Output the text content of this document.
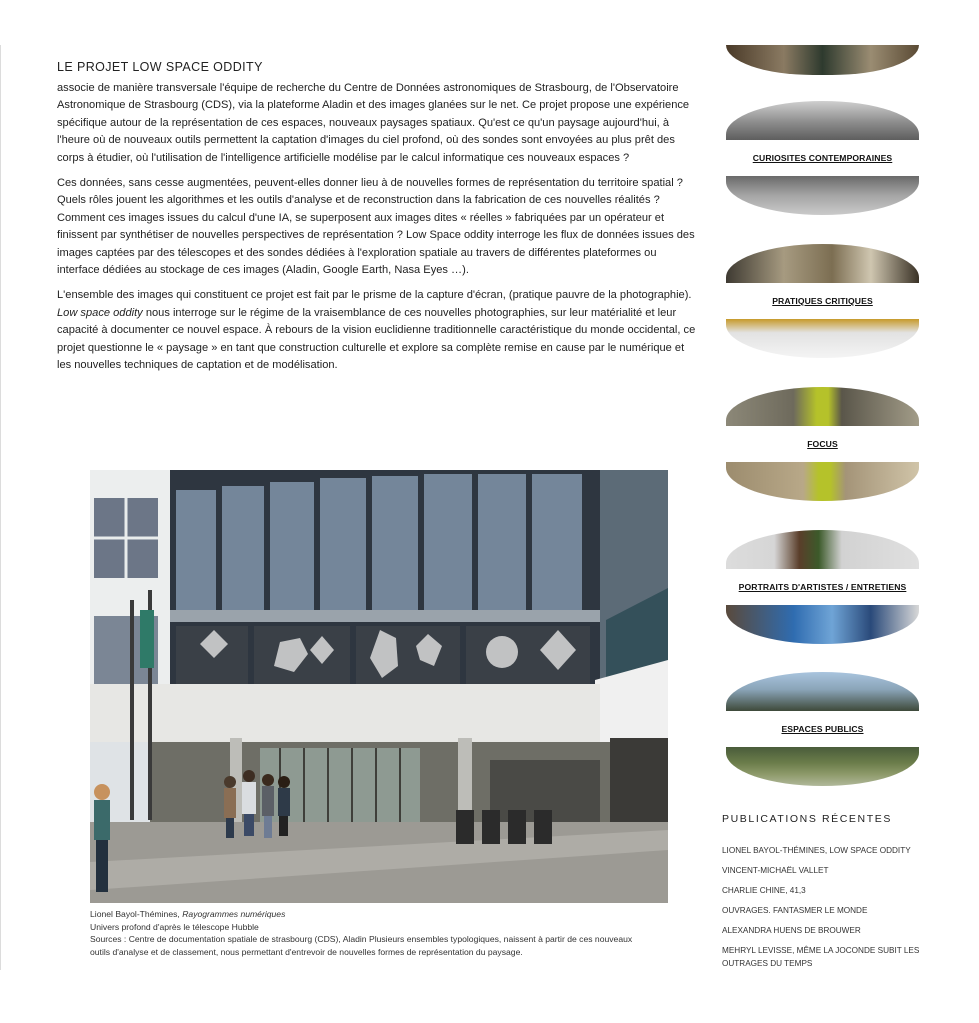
LE PROJET LOW SPACE ODDITY

associe de manière transversale l'équipe de recherche du Centre de Données astronomiques de Strasbourg, de l'Observatoire Astronomique de Strasbourg (CDS), via la plateforme Aladin et des images glanées sur le net. Ce projet propose une expérience spécifique autour de la représentation de ces espaces, nouveaux paysages spatiaux. Qu'est ce qu'un paysage aujourd'hui, à l'heure où de nouveaux outils permettent la captation d'images du ciel profond, où des sondes sont envoyées au plus prêt des corps à étudier, où l'utilisation de l'intelligence artificielle modélise par le calcul informatique ces nouveaux espaces ?

Ces données, sans cesse augmentées, peuvent-elles donner lieu à de nouvelles formes de représentation du territoire spatial ? Quels rôles jouent les algorithmes et les outils d'analyse et de reconstruction dans la fabrication de ces nouvelles réalités ? Comment ces images issues du calcul d'une IA, se superposent aux images dites « réelles » fabriquées par un opérateur et finissent par synthétiser de nouvelles perspectives de représentation ? Low Space oddity interroge les flux de données issues des images captées par des télescopes et des sondes dédiées à l'exploration spatiale au travers de différentes plateformes ou interface dédiées au stockage de ces images (Aladin, Google Earth, Nasa Eyes …).

L'ensemble des images qui constituent ce projet est fait par le prisme de la capture d'écran, (pratique pauvre de la photographie). Low space oddity nous interroge sur le régime de la vraisemblance de ces nouvelles photographies, sur leur matérialité et leur capacité à documenter ce nouvel espace. À rebours de la vision euclidienne traditionnelle caractéristique du monde occidental, ce projet questionne le « paysage » en tant que construction culturelle et explore sa complète remise en cause par le numérique et les nouvelles techniques de captation et de modélisation.

Lionel Bayol-Thémines, Rayogrammes numériques
Univers profond d'après le télescope Hubble
Sources : Centre de documentation spatiale de strasbourg (CDS), Aladin Plusieurs ensembles typologiques, naissent à partir de ces nouveaux
outils d'analyse et de classement, nous permettant d'entrevoir de nouvelles formes de représentation du paysage.
CURIOSITES CONTEMPORAINES
PRATIQUES CRITIQUES
FOCUS
PORTRAITS D'ARTISTES / ENTRETIENS
ESPACES PUBLICS
PUBLICATIONS RÉCENTES
LIONEL BAYOL-THÉMINES, LOW SPACE ODDITY
VINCENT-MICHAËL VALLET
CHARLIE CHINE, 41,3
OUVRAGES. FANTASMER LE MONDE
ALEXANDRA HUENS DE BROUWER
MEHRYL LEVISSE, MÊME LA JOCONDE SUBIT LES OUTRAGES DU TEMPS
